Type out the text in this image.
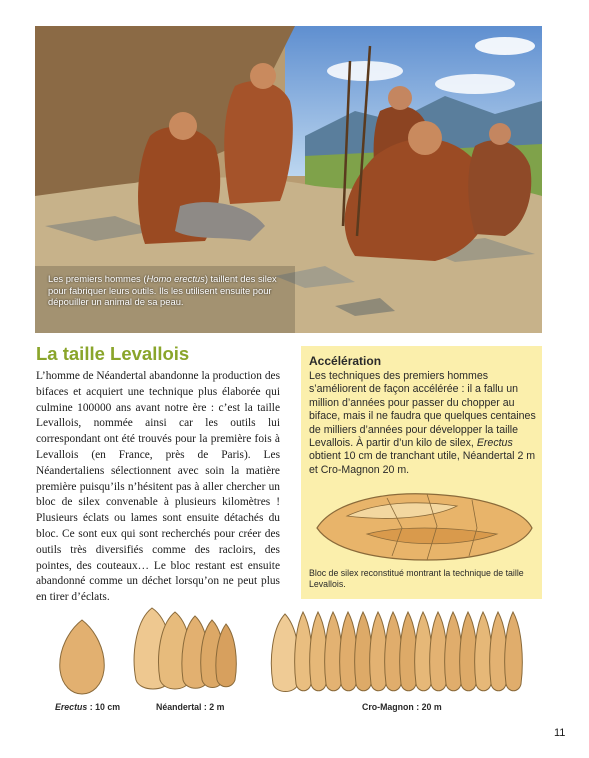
Les premiers hommes (Homo erectus) taillent des silex pour fabriquer leurs outils. Ils les utilisent ensuite pour dépouiller un animal de sa peau.
La taille Levallois

L’homme de Néandertal abandonne la production des bifaces et acquiert une technique plus élaborée qui culmine 100000 ans avant notre ère : c’est la taille Levallois, nommée ainsi car les outils lui correspondant ont été trouvés pour la première fois à Levallois (en France, près de Paris). Les Néandertaliens sélectionnent avec soin la matière première puisqu’ils n’hésitent pas à aller chercher un bloc de silex convenable à plusieurs kilomètres ! Plusieurs éclats ou lames sont ensuite détachés du bloc. Ce sont eux qui sont recherchés pour créer des outils très diversifiés comme des racloirs, des pointes, des couteaux… Le bloc restant est ensuite abandonné comme un déchet lorsqu’on ne peut plus en tirer d’éclats.

Accélération
Les techniques des premiers hommes s’améliorent de façon accélérée : il a fallu un million d’années pour passer du chopper au biface, mais il ne faudra que quelques centaines de milliers d’années pour développer la taille Levallois. À partir d’un kilo de silex, Erectus obtient 10 cm de tranchant utile, Néandertal 2 m et Cro-Magnon 20 m.
Bloc de silex reconstitué montrant la technique de taille Levallois.
Erectus : 10 cm	Néandertal : 2 m	Cro-Magnon : 20 m
11
